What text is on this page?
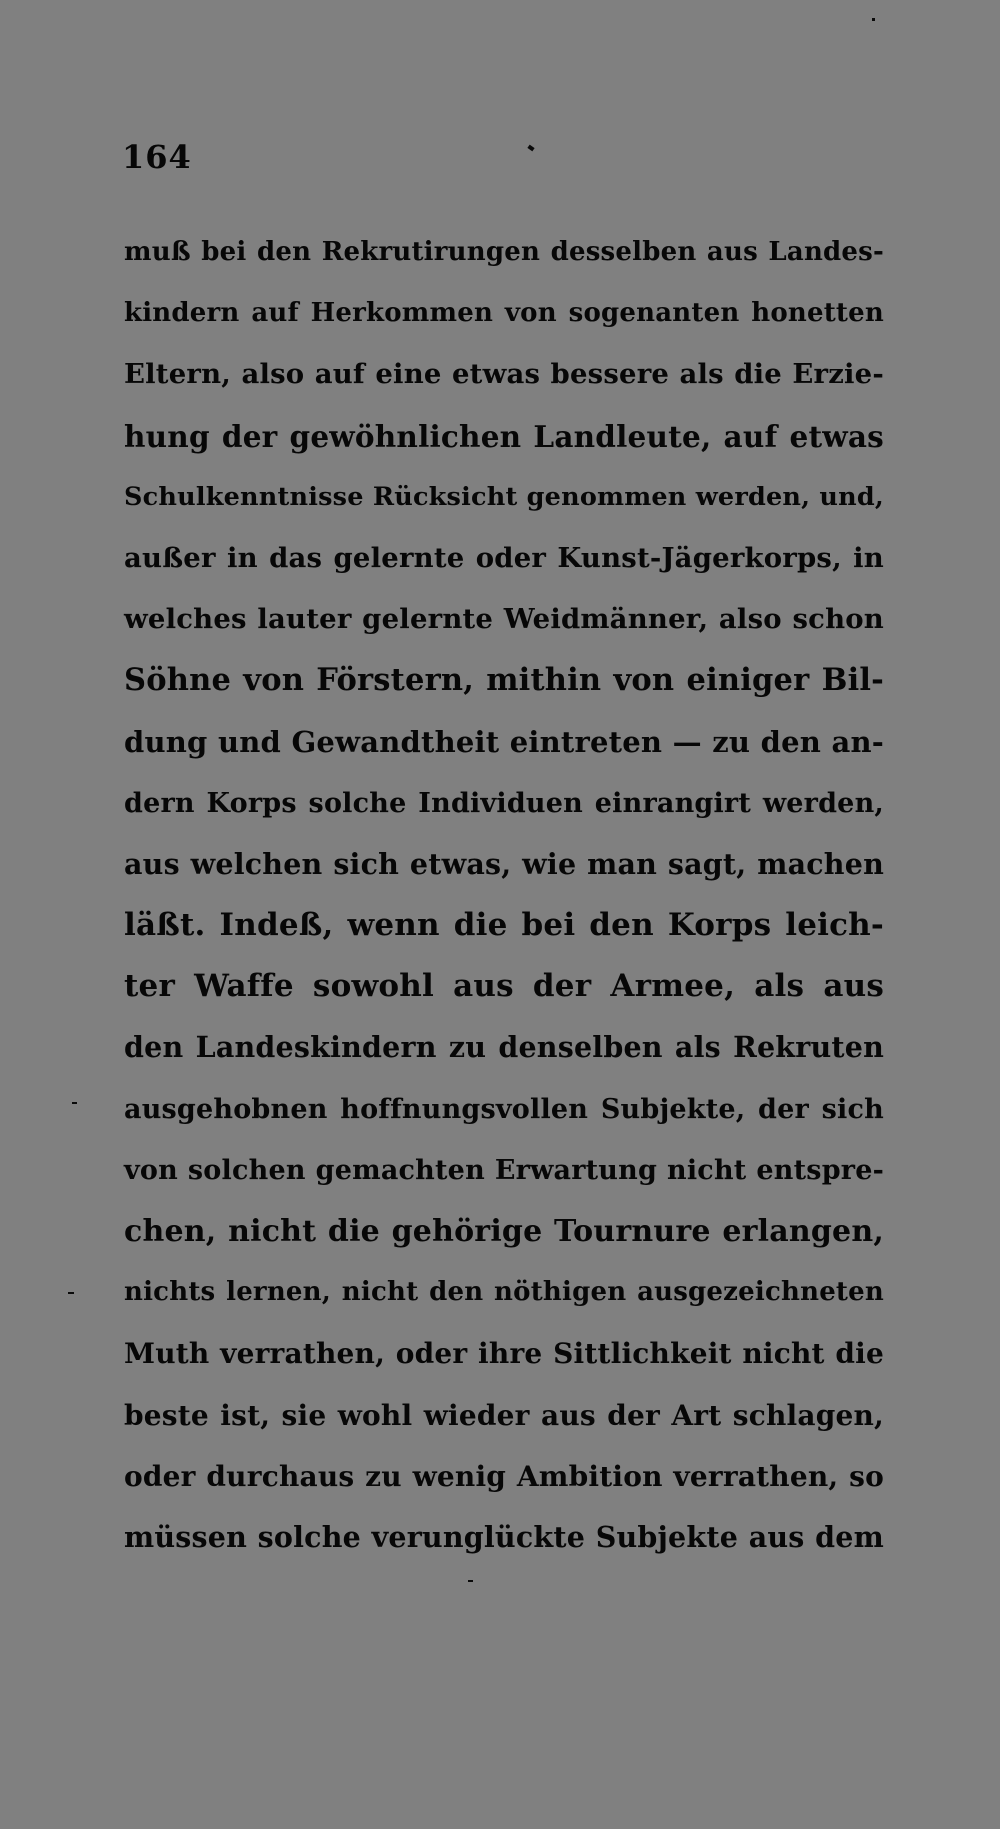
164
muß bei den Rekrutirungen desselben aus Landes-
kindern auf Herkommen von sogenanten honetten
Eltern, also auf eine etwas bessere als die Erzie-
hung der gewöhnlichen Landleute, auf etwas
Schulkenntnisse Rücksicht genommen werden, und,
außer in das gelernte oder Kunst-Jägerkorps, in
welches lauter gelernte Weidmänner, also schon
Söhne von Förstern, mithin von einiger Bil-
dung und Gewandtheit eintreten — zu den an-
dern Korps solche Individuen einrangirt werden,
aus welchen sich etwas, wie man sagt, machen
läßt. Indeß, wenn die bei den Korps leich-
ter Waffe sowohl aus der Armee, als aus
den Landeskindern zu denselben als Rekruten
ausgehobnen hoffnungsvollen Subjekte, der sich
von solchen gemachten Erwartung nicht entspre-
chen, nicht die gehörige Tournure erlangen,
nichts lernen, nicht den nöthigen ausgezeichneten
Muth verrathen, oder ihre Sittlichkeit nicht die
beste ist, sie wohl wieder aus der Art schlagen,
oder durchaus zu wenig Ambition verrathen, so
müssen solche verunglückte Subjekte aus dem
